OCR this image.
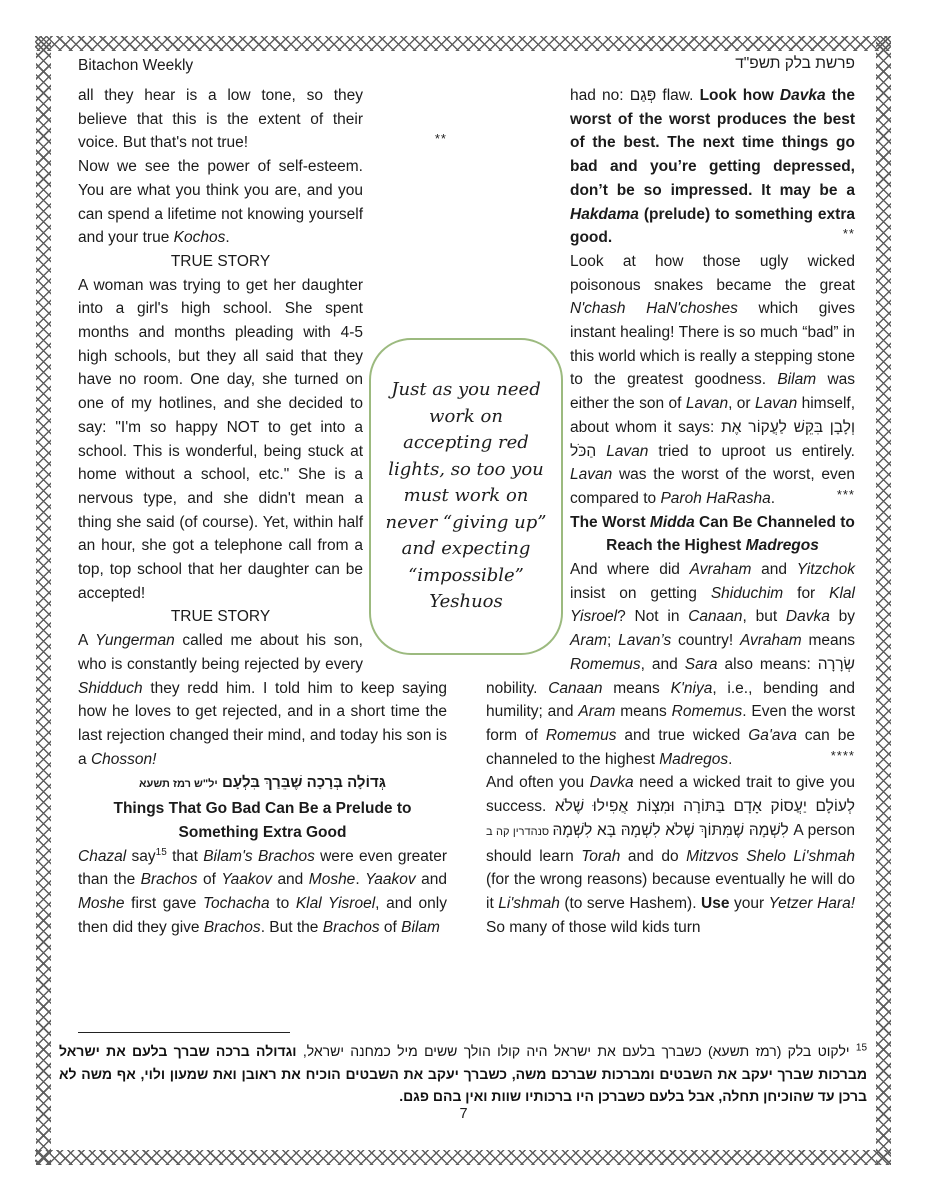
Bitachon Weekly	פרשת בלק תשפ"ד

all they hear is a low tone, so they believe that this is the extent of their voice. But that's not true!	**

Now we see the power of self-esteem. You are what you think you are, and you can spend a lifetime not knowing yourself and your true Kochos.

TRUE STORY

A woman was trying to get her daughter into a girl's high school. She spent months and months pleading with 4-5 high schools, but they all said that they have no room. One day, she turned on one of my hotlines, and she decided to say: "I'm so happy NOT to get into a school. This is wonderful, being stuck at home without a school, etc." She is a nervous type, and she didn't mean a thing she said (of course). Yet, within half an hour, she got a telephone call from a top, top school that her daughter can be accepted!

TRUE STORY

A Yungerman called me about his son, who is constantly being rejected by every Shidduch they redd him. I told him to keep saying how he loves to get rejected, and in a short time the last rejection changed their mind, and today his son is a Chosson!

גְּדוֹלָה בְּרָכָה שֶׁבֵּרַךְ בִּלְעָם יל"ש רמז תשעא

Things That Go Bad Can Be a Prelude to Something Extra Good

Chazal say$^{15}$ that Bilam's Brachos were even greater than the Brachos of Yaakov and Moshe. Yaakov and Moshe first gave Tochacha to Klal Yisroel, and only then did they give Brachos. But the Brachos of Bilam

had no: פְּגַם flaw. Look how Davka the worst of the worst produces the best of the best. The next time things go bad and you’re getting depressed, don’t be so impressed. It may be a Hakdama (prelude) to something extra good.	**

Look at how those ugly wicked poisonous snakes became the great N'chash HaN'choshes which gives instant healing! There is so much “bad” in this world which is really a stepping stone to the greatest goodness. Bilam was either the son of Lavan, or Lavan himself, about whom it says: וְלָבָן בִּקֵּשׁ לַעֲקוֹר אֶת הַכֹּל Lavan tried to uproot us entirely. Lavan was the worst of the worst, even compared to Paroh HaRasha.	***

The Worst Midda Can Be Channeled to Reach the Highest Madregos

And where did Avraham and Yitzchok insist on getting Shiduchim for Klal Yisroel? Not in Canaan, but Davka by Aram; Lavan’s country! Avraham means Romemus, and Sara also means: שְׂרָרָה nobility. Canaan means K'niya, i.e., bending and humility; and Aram means Romemus. Even the worst form of Romemus and true wicked Ga'ava can be channeled to the highest Madregos.	****

And often you Davka need a wicked trait to give you success. לְעוֹלָם יַעֲסוֹק אָדָם בַּתּוֹרָה וּמִצְוֹת אֲפִילוּ שֶׁלֹא לִשְׁמָהּ שֶׁמִּתּוֹךְ שֶׁלֹא לִשְׁמָהּ בָּא לִשְׁמָהּ סנהדרין קה ב	A person should learn Torah and do Mitzvos Shelo Li'shmah (for the wrong reasons) because eventually he will do it Li'shmah (to serve Hashem). Use your Yetzer Hara! So many of those wild kids turn

Just as you need work on accepting red lights, so too you must work on never “giving up” and expecting “impossible” Yeshuos

$^{15}$ ילקוט בלק (רמז תשעא) כשברך בלעם את ישראל היה קולו הולך ששים מיל כמחנה ישראל, וגדולה ברכה שברך בלעם את ישראל מברכות שברך יעקב את השבטים ומברכות שברכם משה, כשברך יעקב את השבטים הוכיח את ראובן ואת שמעון ולוי, אף משה לא ברכן עד שהוכיחן תחלה, אבל בלעם כשברכן היו ברכותיו שוות ואין בהם פגם.

7
